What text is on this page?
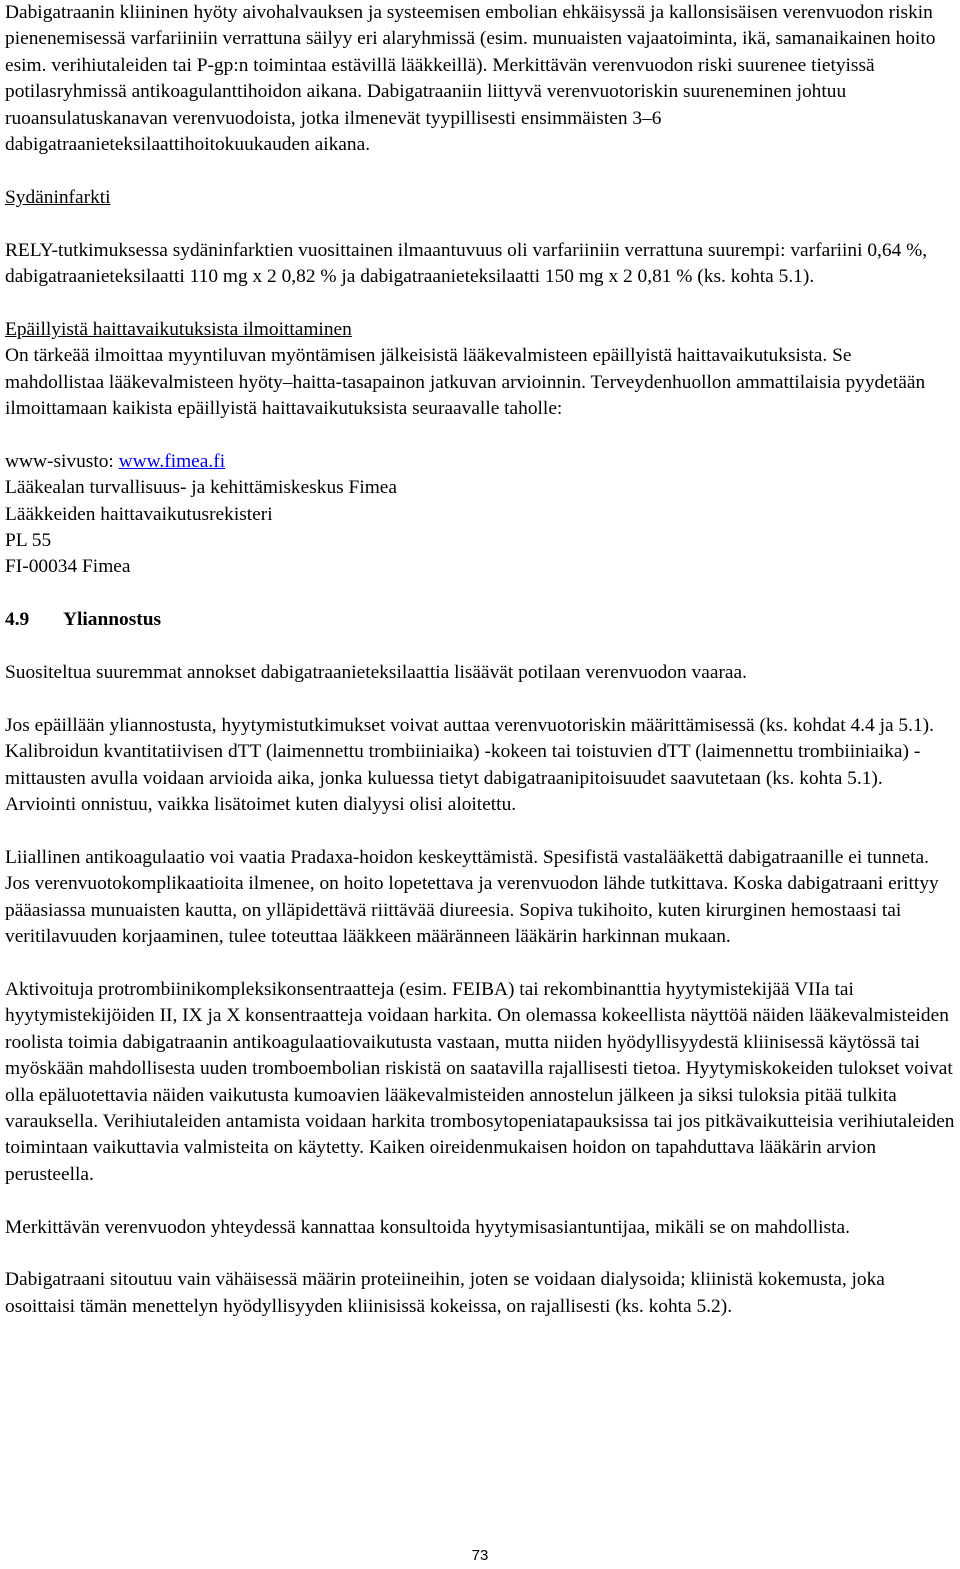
Dabigatraanin kliininen hyöty aivohalvauksen ja systeemisen embolian ehkäisyssä ja kallonsisäisen verenvuodon riskin pienenemisessä varfariiniin verrattuna säilyy eri alaryhmissä (esim. munuaisten vajaatoiminta, ikä, samanaikainen hoito esim. verihiutaleiden tai P-gp:n toimintaa estävillä lääkkeillä). Merkittävän verenvuodon riski suurenee tietyissä potilasryhmissä antikoagulanttihoidon aikana. Dabigatraaniin liittyvä verenvuotoriskin suureneminen johtuu ruoansulatuskanavan verenvuodoista, jotka ilmenevät tyypillisesti ensimmäisten 3–6 dabigatraanieteksilaattihoitokuukauden aikana.

Sydäninfarkti

RELY-tutkimuksessa sydäninfarktien vuosittainen ilmaantuvuus oli varfariiniin verrattuna suurempi: varfariini 0,64 %, dabigatraanieteksilaatti 110 mg x 2 0,82 % ja dabigatraanieteksilaatti 150 mg x 2 0,81 % (ks. kohta 5.1).

Epäillyistä haittavaikutuksista ilmoittaminen

On tärkeää ilmoittaa myyntiluvan myöntämisen jälkeisistä lääkevalmisteen epäillyistä haittavaikutuksista. Se mahdollistaa lääkevalmisteen hyöty–haitta-tasapainon jatkuvan arvioinnin. Terveydenhuollon ammattilaisia pyydetään ilmoittamaan kaikista epäillyistä haittavaikutuksista seuraavalle taholle:

www-sivusto: www.fimea.fi

Lääkealan turvallisuus- ja kehittämiskeskus Fimea

Lääkkeiden haittavaikutusrekisteri

PL 55

FI-00034 Fimea

4.9 Yliannostus

Suositeltua suuremmat annokset dabigatraanieteksilaattia lisäävät potilaan verenvuodon vaaraa.

Jos epäillään yliannostusta, hyytymistutkimukset voivat auttaa verenvuotoriskin määrittämisessä (ks. kohdat 4.4 ja 5.1). Kalibroidun kvantitatiivisen dTT (laimennettu trombiiniaika) -kokeen tai toistuvien dTT (laimennettu trombiiniaika) -mittausten avulla voidaan arvioida aika, jonka kuluessa tietyt dabigatraanipitoisuudet saavutetaan (ks. kohta 5.1). Arviointi onnistuu, vaikka lisätoimet kuten dialyysi olisi aloitettu.

Liiallinen antikoagulaatio voi vaatia Pradaxa-hoidon keskeyttämistä. Spesifistä vastalääkettä dabigatraanille ei tunneta. Jos verenvuotokomplikaatioita ilmenee, on hoito lopetettava ja verenvuodon lähde tutkittava. Koska dabigatraani erittyy pääasiassa munuaisten kautta, on ylläpidettävä riittävää diureesia. Sopiva tukihoito, kuten kirurginen hemostaasi tai veritilavuuden korjaaminen, tulee toteuttaa lääkkeen määränneen lääkärin harkinnan mukaan.

Aktivoituja protrombiinikompleksikonsentraatteja (esim. FEIBA) tai rekombinanttia hyytymistekijää VIIa tai hyytymistekijöiden II, IX ja X konsentraatteja voidaan harkita. On olemassa kokeellista näyttöä näiden lääkevalmisteiden roolista toimia dabigatraanin antikoagulaatiovaikutusta vastaan, mutta niiden hyödyllisyydestä kliinisessä käytössä tai myöskään mahdollisesta uuden tromboembolian riskistä on saatavilla rajallisesti tietoa. Hyytymiskokeiden tulokset voivat olla epäluotettavia näiden vaikutusta kumoavien lääkevalmisteiden annostelun jälkeen ja siksi tuloksia pitää tulkita varauksella. Verihiutaleiden antamista voidaan harkita trombosytopeniatapauksissa tai jos pitkävaikutteisia verihiutaleiden toimintaan vaikuttavia valmisteita on käytetty. Kaiken oireidenmukaisen hoidon on tapahduttava lääkärin arvion perusteella.

Merkittävän verenvuodon yhteydessä kannattaa konsultoida hyytymisasiantuntijaa, mikäli se on mahdollista.

Dabigatraani sitoutuu vain vähäisessä määrin proteiineihin, joten se voidaan dialysoida; kliinistä kokemusta, joka osoittaisi tämän menettelyn hyödyllisyyden kliinisissä kokeissa, on rajallisesti (ks. kohta 5.2).

73
